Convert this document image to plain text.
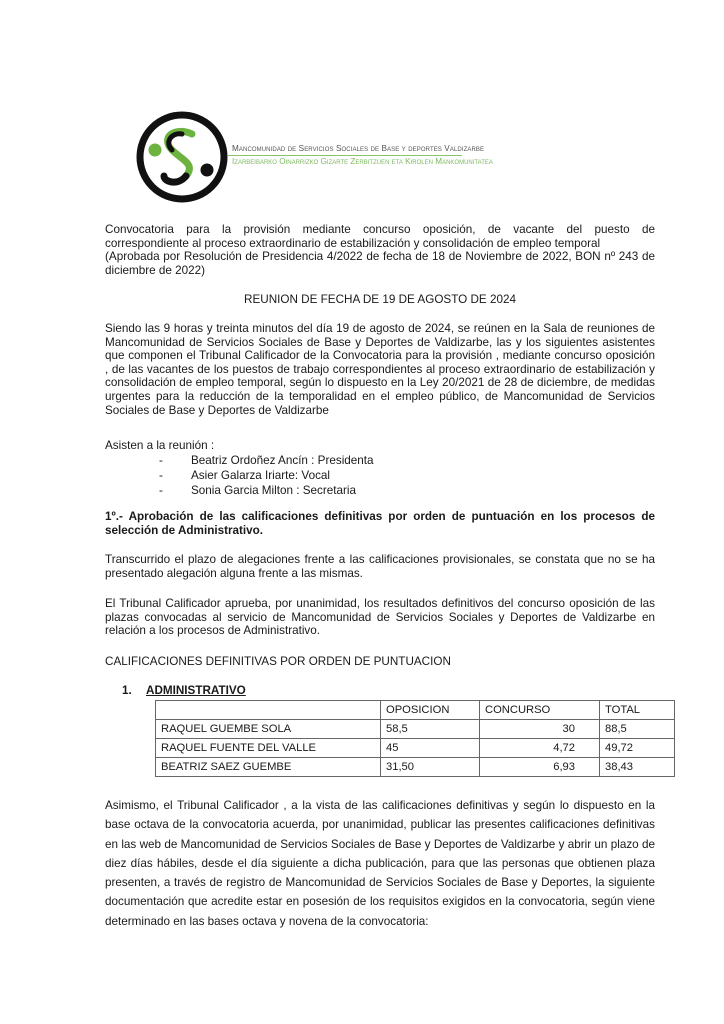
Mancomunidad de Servicios Sociales de Base y deportes Valdizarbe
Izarbeibarko Oinarrizko Gizarte Zerbitzuen eta Kirolen Mankomunitatea

Convocatoria para la provisión mediante concurso oposición, de vacante del puesto de

correspondiente al proceso extraordinario de estabilización y consolidación de empleo temporal

(Aprobada por Resolución de Presidencia 4/2022 de fecha de 18 de Noviembre de 2022, BON nº 243 de

diciembre de 2022)

REUNION DE FECHA DE 19 DE AGOSTO DE 2024
Siendo las 9 horas y treinta minutos del día 19 de agosto de 2024, se reúnen en la Sala de reuniones de Mancomunidad de Servicios Sociales de Base y Deportes de Valdizarbe, las y los siguientes asistentes que componen el Tribunal Calificador de la Convocatoria para la provisión , mediante concurso oposición , de las vacantes de los puestos de trabajo correspondientes al proceso extraordinario de estabilización y consolidación de empleo temporal, según lo dispuesto en la Ley 20/2021 de 28 de diciembre, de medidas urgentes para la reducción de la temporalidad en el empleo público, de Mancomunidad de Servicios Sociales de Base y Deportes de Valdizarbe
Asisten a la reunión :
- Beatriz Ordoñez Ancín : Presidenta
- Asier Galarza Iriarte: Vocal
- Sonia Garcia Milton : Secretaria
1º.- Aprobación de las calificaciones definitivas por orden de puntuación en los procesos de selección de Administrativo.
Transcurrido el plazo de alegaciones frente a las calificaciones provisionales, se constata que no se ha presentado alegación alguna frente a las mismas.
El Tribunal Calificador aprueba, por unanimidad, los resultados definitivos del concurso oposición de las plazas convocadas al servicio de Mancomunidad de Servicios Sociales y Deportes de Valdizarbe en relación a los procesos de Administrativo.
CALIFICACIONES DEFINITIVAS POR ORDEN DE PUNTUACION
1. ADMINISTRATIVO
	OPOSICION	CONCURSO	TOTAL
RAQUEL GUEMBE SOLA	58,5	30	88,5
RAQUEL FUENTE DEL VALLE	45	4,72	49,72
BEATRIZ SAEZ GUEMBE	31,50	6,93	38,43
Asimismo, el Tribunal Calificador , a la vista de las calificaciones definitivas y según lo dispuesto en la base octava de la convocatoria acuerda, por unanimidad, publicar las presentes calificaciones definitivas en las web de Mancomunidad de Servicios Sociales de Base y Deportes de Valdizarbe y abrir un plazo de diez días hábiles, desde el día siguiente a dicha publicación, para que las personas que obtienen plaza presenten, a través de registro de Mancomunidad de Servicios Sociales de Base y Deportes, la siguiente documentación que acredite estar en posesión de los requisitos exigidos en la convocatoria, según viene determinado en las bases octava y novena de la convocatoria:
